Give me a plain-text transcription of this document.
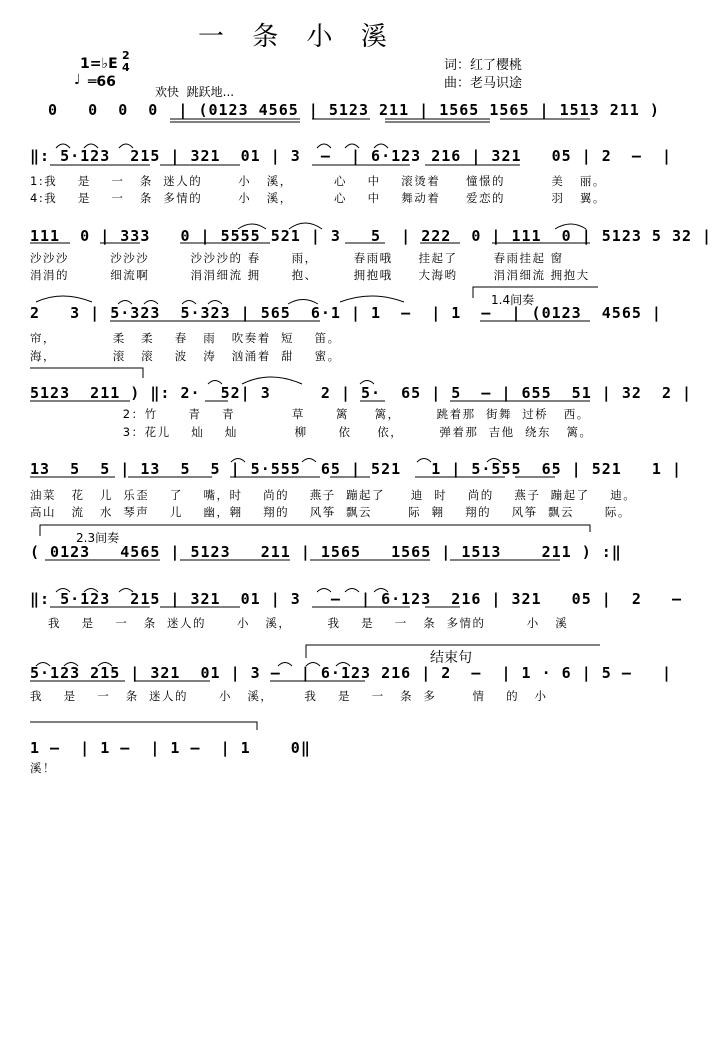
一 条 小 溪
词：红了樱桃
曲：老马识途
1=♭E
2
4
♩ ═66
欢快  跳跃地...
0   0  0  0  | (0123 4565 | 5123 211 | 1565 1565 | 1513 211 )
‖: 5·123  215 | 321  01 | 3  –  | 6·123 216 | 321   05 | 2  –  |
1:我    是    一   条  迷人的       小   溪，        心    中    滚烫着     憧憬的         美   丽。
4:我    是    一   条  多情的       小   溪，        心    中    舞动着     爱恋的         羽   翼。
111  0 | 333   0 | 5555 521 | 3   5  | 222  0 | 111  0 | 5123 5 32 |
沙沙沙        沙沙沙        沙沙沙的 春      雨，       春雨哦     挂起了       春雨挂起 窗
涓涓的        细流啊        涓涓细流 拥      抱、       拥抱哦     大海哟       涓涓细流 拥抱大
1.4间奏
2   3 | 5·323  5·323 | 565  6·1 | 1  –  | 1  –  | (0123  4565 |
帘，           柔   柔    春   雨   吹奏着  短    笛。
海，           滚   滚    波   涛   汹涌着  甜    蜜。
5123  211 ) ‖: 2·  52| 3     2 | 5·  65 | 5  – | 655  51 | 32  2 |
2：竹      青    青           草      篱     篱，       跳着那  街舞  过桥   西。
3：花儿    灿    灿           柳      依     依，       弹着那  吉他  绕东   篱。
13  5  5 | 13  5  5 | 5·555  65 | 521   1 | 5·555  65 | 521   1 |
油菜   花   儿  乐歪    了    嘴，时    尚的    燕子  蹦起了     迪  时    尚的    燕子  蹦起了    迪。
高山   流   水  琴声    儿    幽，翱    翔的    风筝  飘云       际  翱    翔的    风筝  飘云      际。
2.3间奏
( 0123   4565 | 5123   211 | 1565   1565 | 1513    211 ) :‖
‖: 5·123  215 | 321  01 | 3   –  | 6·123  216 | 321   05 |  2   –
我    是    一   条  迷人的      小   溪，       我    是    一   条  多情的        小   溪
结束句
5·123 215 | 321  01 | 3 –  | 6·123 216 | 2  –  | 1 · 6 | 5 –   |
我    是    一   条  迷人的      小   溪，      我    是    一   条  多       情    的   小
1 –  | 1 –  | 1 –  | 1    0‖
溪！
